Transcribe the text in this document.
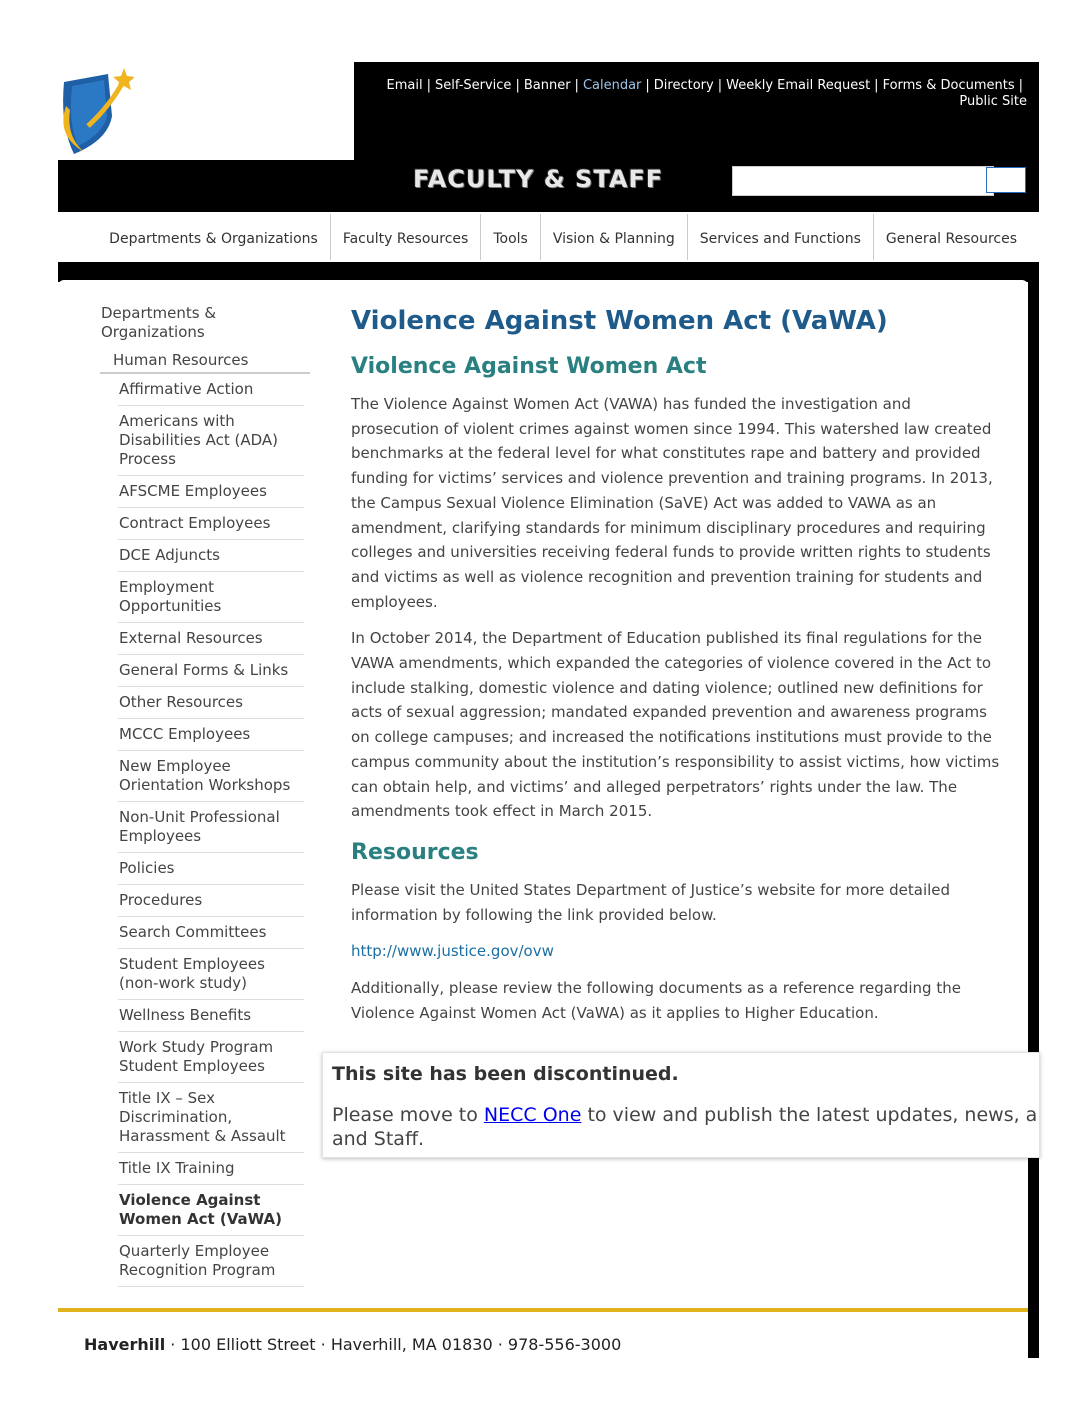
Email | Self-Service | Banner | Calendar | Directory | Weekly Email Request | Forms & Documents |
Public Site
FACULTY & STAFF
Departments & Organizations	Faculty Resources	Tools	Vision & Planning	Services and Functions	General Resources
Departments & Organizations
Human Resources
Affirmative Action
Americans with Disabilities Act (ADA) Process
AFSCME Employees
Contract Employees
DCE Adjuncts
Employment Opportunities
External Resources
General Forms & Links
Other Resources
MCCC Employees
New Employee Orientation Workshops
Non-Unit Professional Employees
Policies
Procedures
Search Committees
Student Employees (non-work study)
Wellness Benefits
Work Study Program Student Employees
Title IX – Sex Discrimination, Harassment & Assault
Title IX Training
Violence Against Women Act (VaWA)
Quarterly Employee Recognition Program
Violence Against Women Act (VaWA)
Violence Against Women Act

The Violence Against Women Act (VAWA) has funded the investigation and prosecution of violent crimes against women since 1994. This watershed law created benchmarks at the federal level for what constitutes rape and battery and provided funding for victims’ services and violence prevention and training programs. In 2013, the Campus Sexual Violence Elimination (SaVE) Act was added to VAWA as an amendment, clarifying standards for minimum disciplinary procedures and requiring colleges and universities receiving federal funds to provide written rights to students and victims as well as violence recognition and prevention training for students and employees.

In October 2014, the Department of Education published its final regulations for the VAWA amendments, which expanded the categories of violence covered in the Act to include stalking, domestic violence and dating violence; outlined new definitions for acts of sexual aggression; mandated expanded prevention and awareness programs on college campuses; and increased the notifications institutions must provide to the campus community about the institution’s responsibility to assist victims, how victims can obtain help, and victims’ and alleged perpetrators’ rights under the law. The amendments took effect in March 2015.

Resources

Please visit the United States Department of Justice’s website for more detailed information by following the link provided below.

http://www.justice.gov/ovw

Additionally, please review the following documents as a reference regarding the Violence Against Women Act (VaWA) as it applies to Higher Education.

This site has been discontinued.
Please move to NECC One to view and publish the latest updates, news, a
and Staff.
Haverhill · 100 Elliott Street · Haverhill, MA 01830 · 978-556-3000
